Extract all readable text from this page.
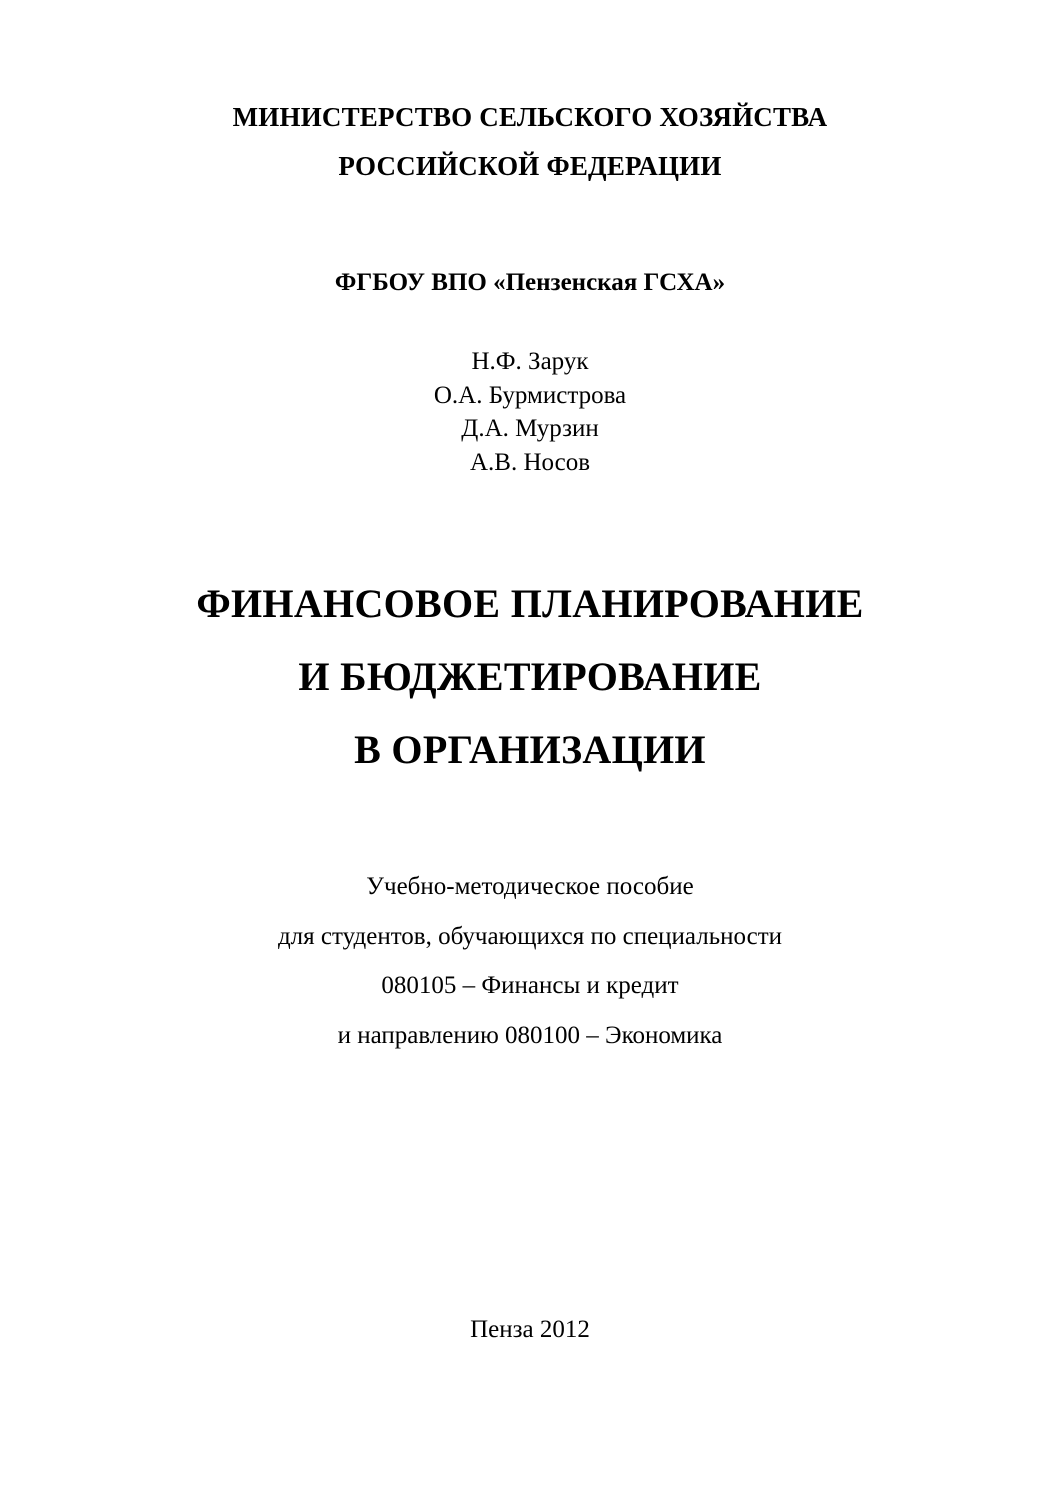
МИНИСТЕРСТВО СЕЛЬСКОГО ХОЗЯЙСТВА
РОССИЙСКОЙ ФЕДЕРАЦИИ
ФГБОУ ВПО «Пензенская ГСХА»
Н.Ф. Зарук
О.А. Бурмистрова
Д.А. Мурзин
А.В. Носов
ФИНАНСОВОЕ ПЛАНИРОВАНИЕ
И БЮДЖЕТИРОВАНИЕ
В ОРГАНИЗАЦИИ
Учебно-методическое пособие
для студентов, обучающихся по специальности
080105 – Финансы и кредит
и направлению 080100 – Экономика
Пенза 2012
